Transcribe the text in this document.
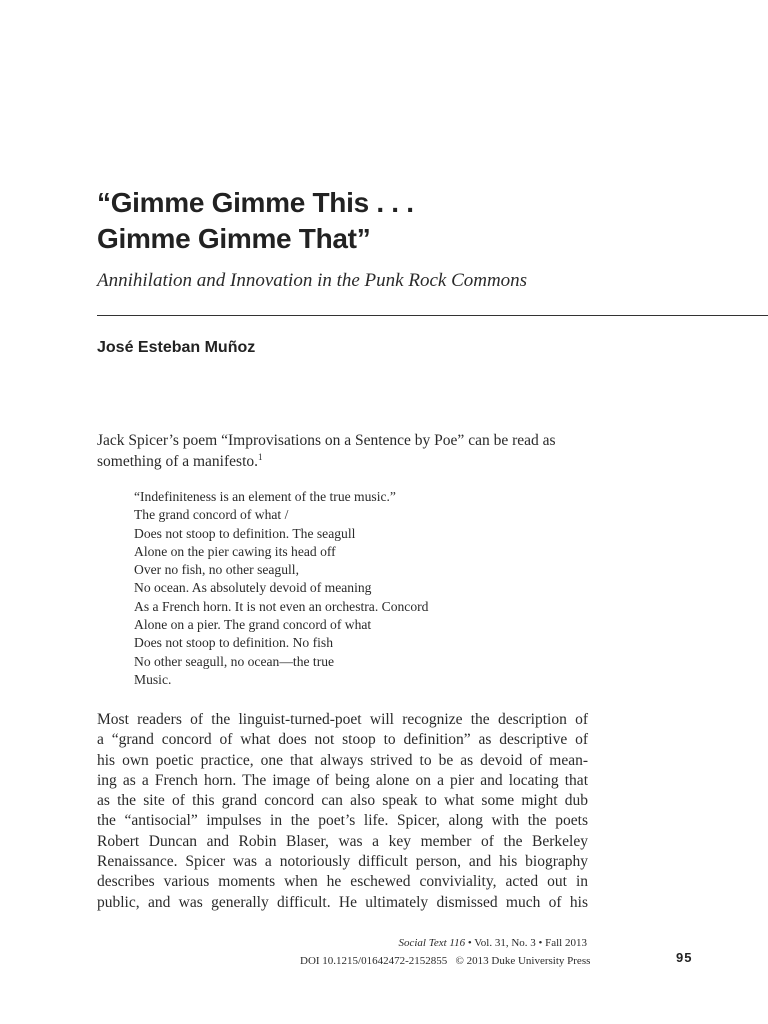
“Gimme Gimme This . . .
Gimme Gimme That”

Annihilation and Innovation in the Punk Rock Commons

José Esteban Muñoz

Jack Spicer’s poem “Improvisations on a Sentence by Poe” can be read as
something of a manifesto.$^1$

“Indefiniteness is an element of the true music.”
The grand concord of what /
Does not stoop to definition. The seagull
Alone on the pier cawing its head off
Over no fish, no other seagull,
No ocean. As absolutely devoid of meaning
As a French horn. It is not even an orchestra. Concord
Alone on a pier. The grand concord of what
Does not stoop to definition. No fish
No other seagull, no ocean—the true
Music.
Most readers of the linguist-turned-poet will recognize the description of
a “grand concord of what does not stoop to definition” as descriptive of
his own poetic practice, one that always strived to be as devoid of mean-
ing as a French horn. The image of being alone on a pier and locating that
as the site of this grand concord can also speak to what some might dub
the “antisocial” impulses in the poet’s life. Spicer, along with the poets
Robert Duncan and Robin Blaser, was a key member of the Berkeley
Renaissance. Spicer was a notoriously difficult person, and his biography
describes various moments when he eschewed conviviality, acted out in
public, and was generally difficult. He ultimately dismissed much of his
Social Text 116 • Vol. 31, No. 3 • Fall 2013
DOI 10.1215/01642472-2152855 © 2013 Duke University Press	95
